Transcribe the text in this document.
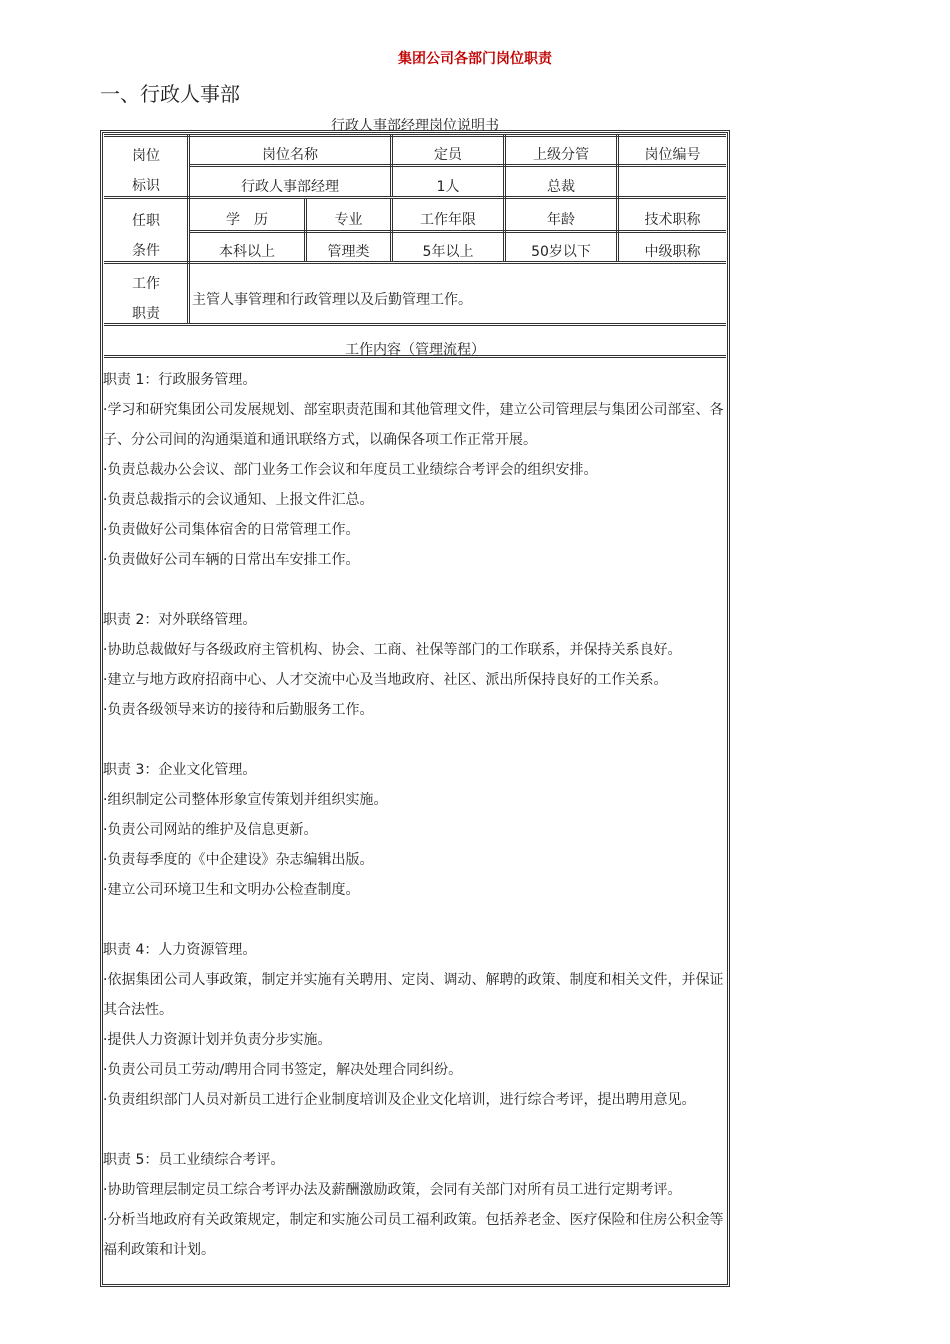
集团公司各部门岗位职责
一、行政人事部
行政人事部经理岗位说明书
岗位
标识
岗位名称	定员	上级分管	岗位编号
行政人事部经理	1人	总裁
任职
条件
学　历	专业	工作年限	年龄	技术职称
本科以上	管理类	5年以上	50岁以下	中级职称
工作
职责
主管人事管理和行政管理以及后勤管理工作。
工作内容（管理流程）

职责 1：行政服务管理。

·学习和研究集团公司发展规划、部室职责范围和其他管理文件，建立公司管理层与集团公司部室、各子、分公司间的沟通渠道和通讯联络方式，以确保各项工作正常开展。

·负责总裁办公会议、部门业务工作会议和年度员工业绩综合考评会的组织安排。

·负责总裁指示的会议通知、上报文件汇总。

·负责做好公司集体宿舍的日常管理工作。

·负责做好公司车辆的日常出车安排工作。

职责 2：对外联络管理。

·协助总裁做好与各级政府主管机构、协会、工商、社保等部门的工作联系，并保持关系良好。

·建立与地方政府招商中心、人才交流中心及当地政府、社区、派出所保持良好的工作关系。

·负责各级领导来访的接待和后勤服务工作。

职责 3：企业文化管理。

·组织制定公司整体形象宣传策划并组织实施。

·负责公司网站的维护及信息更新。

·负责每季度的《中企建设》杂志编辑出版。

·建立公司环境卫生和文明办公检查制度。

职责 4：人力资源管理。

·依据集团公司人事政策，制定并实施有关聘用、定岗、调动、解聘的政策、制度和相关文件，并保证其合法性。

·提供人力资源计划并负责分步实施。

·负责公司员工劳动/聘用合同书签定，解决处理合同纠纷。

·负责组织部门人员对新员工进行企业制度培训及企业文化培训，进行综合考评，提出聘用意见。

职责 5：员工业绩综合考评。

·协助管理层制定员工综合考评办法及薪酬激励政策，会同有关部门对所有员工进行定期考评。

·分析当地政府有关政策规定，制定和实施公司员工福利政策。包括养老金、医疗保险和住房公积金等福利政策和计划。
